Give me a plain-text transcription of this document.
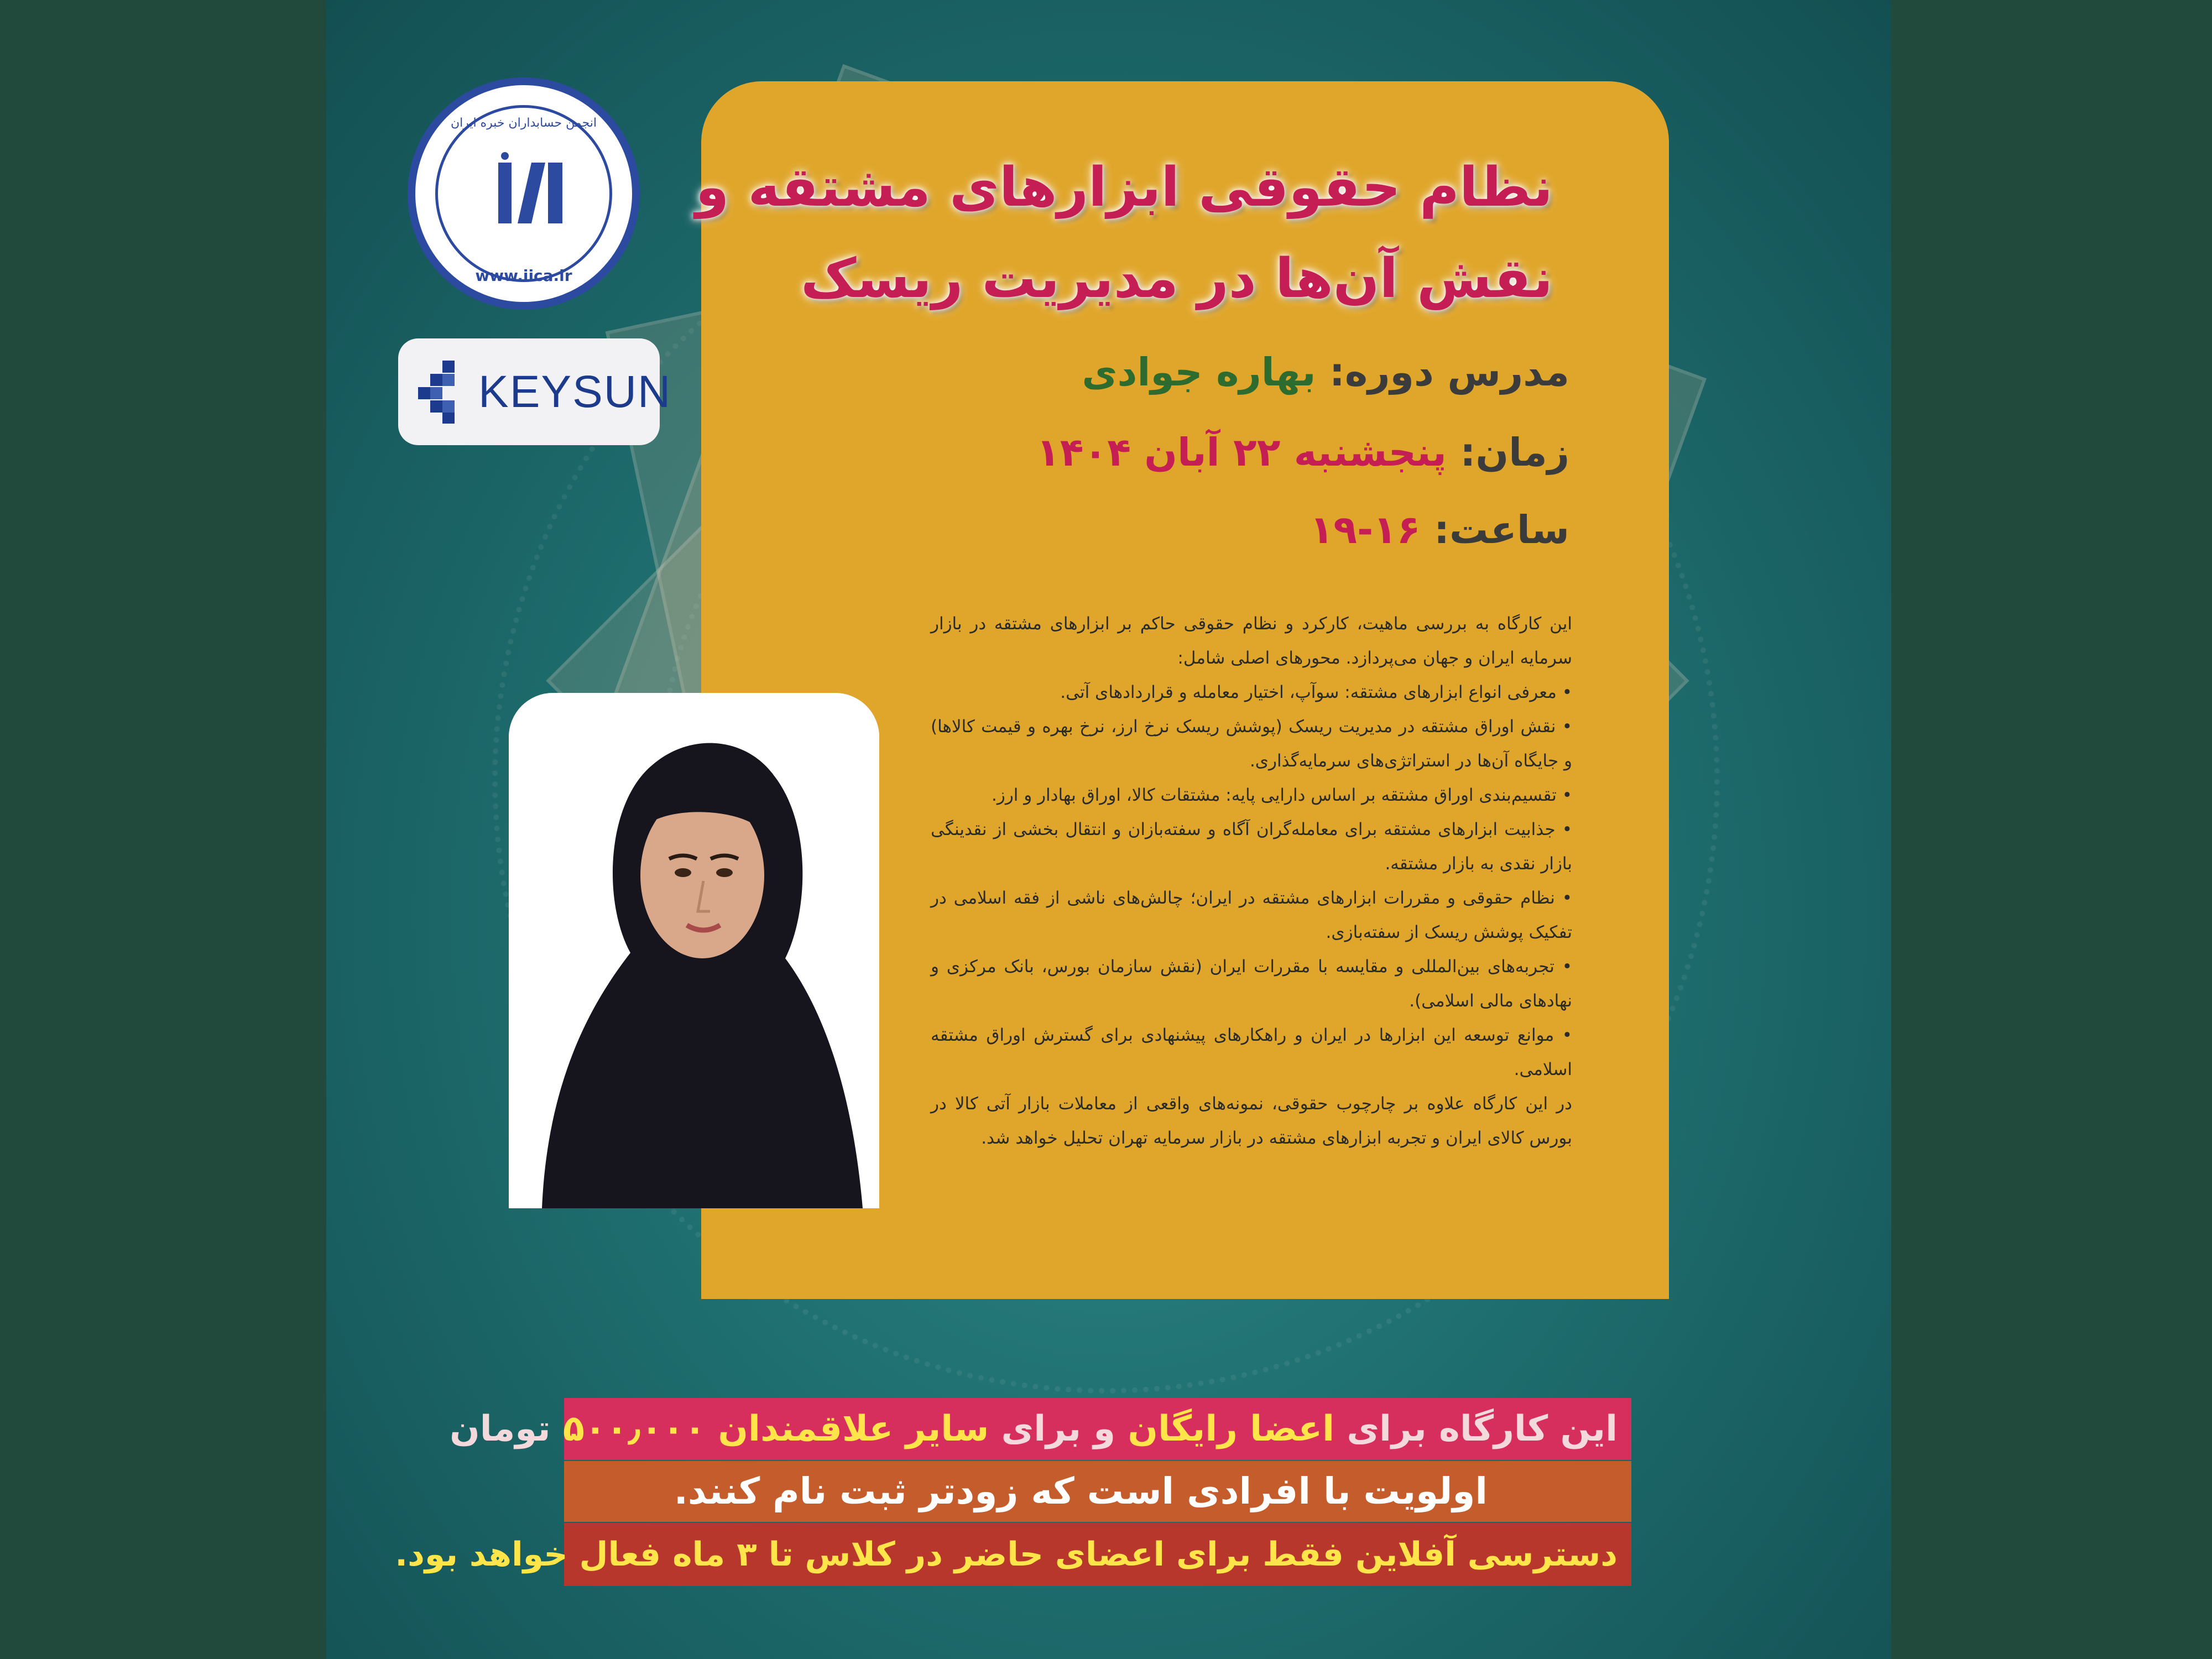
انجمن حسابداران خبره ایران
www.iica.ir
KEYSUN
نظام حقوقی ابزارهای مشتقه و
نقش آن‌ها در مدیریت ریسک
مدرس دوره: بهاره جوادی
زمان: پنجشنبه ۲۲ آبان ۱۴۰۴
ساعت: ۱۶-۱۹

این کارگاه به بررسی ماهیت، کارکرد و نظام حقوقی حاکم بر ابزارهای مشتقه در بازار سرمایه ایران و جهان می‌پردازد. محورهای اصلی شامل:

• معرفی انواع ابزارهای مشتقه: سوآپ، اختیار معامله و قراردادهای آتی.

• نقش اوراق مشتقه در مدیریت ریسک (پوشش ریسک نرخ ارز، نرخ بهره و قیمت کالاها) و جایگاه آن‌ها در استراتژی‌های سرمایه‌گذاری.

• تقسیم‌بندی اوراق مشتقه بر اساس دارایی پایه: مشتقات کالا، اوراق بهادار و ارز.

• جذابیت ابزارهای مشتقه برای معامله‌گران آگاه و سفته‌بازان و انتقال بخشی از نقدینگی بازار نقدی به بازار مشتقه.

• نظام حقوقی و مقررات ابزارهای مشتقه در ایران؛ چالش‌های ناشی از فقه اسلامی در تفکیک پوشش ریسک از سفته‌بازی.

• تجربه‌های بین‌المللی و مقایسه با مقررات ایران (نقش سازمان بورس، بانک مرکزی و نهادهای مالی اسلامی).

• موانع توسعه این ابزارها در ایران و راهکارهای پیشنهادی برای گسترش اوراق مشتقه اسلامی.

در این کارگاه علاوه بر چارچوب حقوقی، نمونه‌های واقعی از معاملات بازار آتی کالا در بورس کالای ایران و تجربه ابزارهای مشتقه در بازار سرمایه تهران تحلیل خواهد شد.

این کارگاه برای اعضا رایگان و برای سایر علاقمندان ۵۰۰٫۰۰۰ تومان
اولویت با افرادی است که زودتر ثبت نام کنند.
دسترسی آفلاین فقط برای اعضای حاضر در کلاس تا ۳ ماه فعال خواهد بود.
